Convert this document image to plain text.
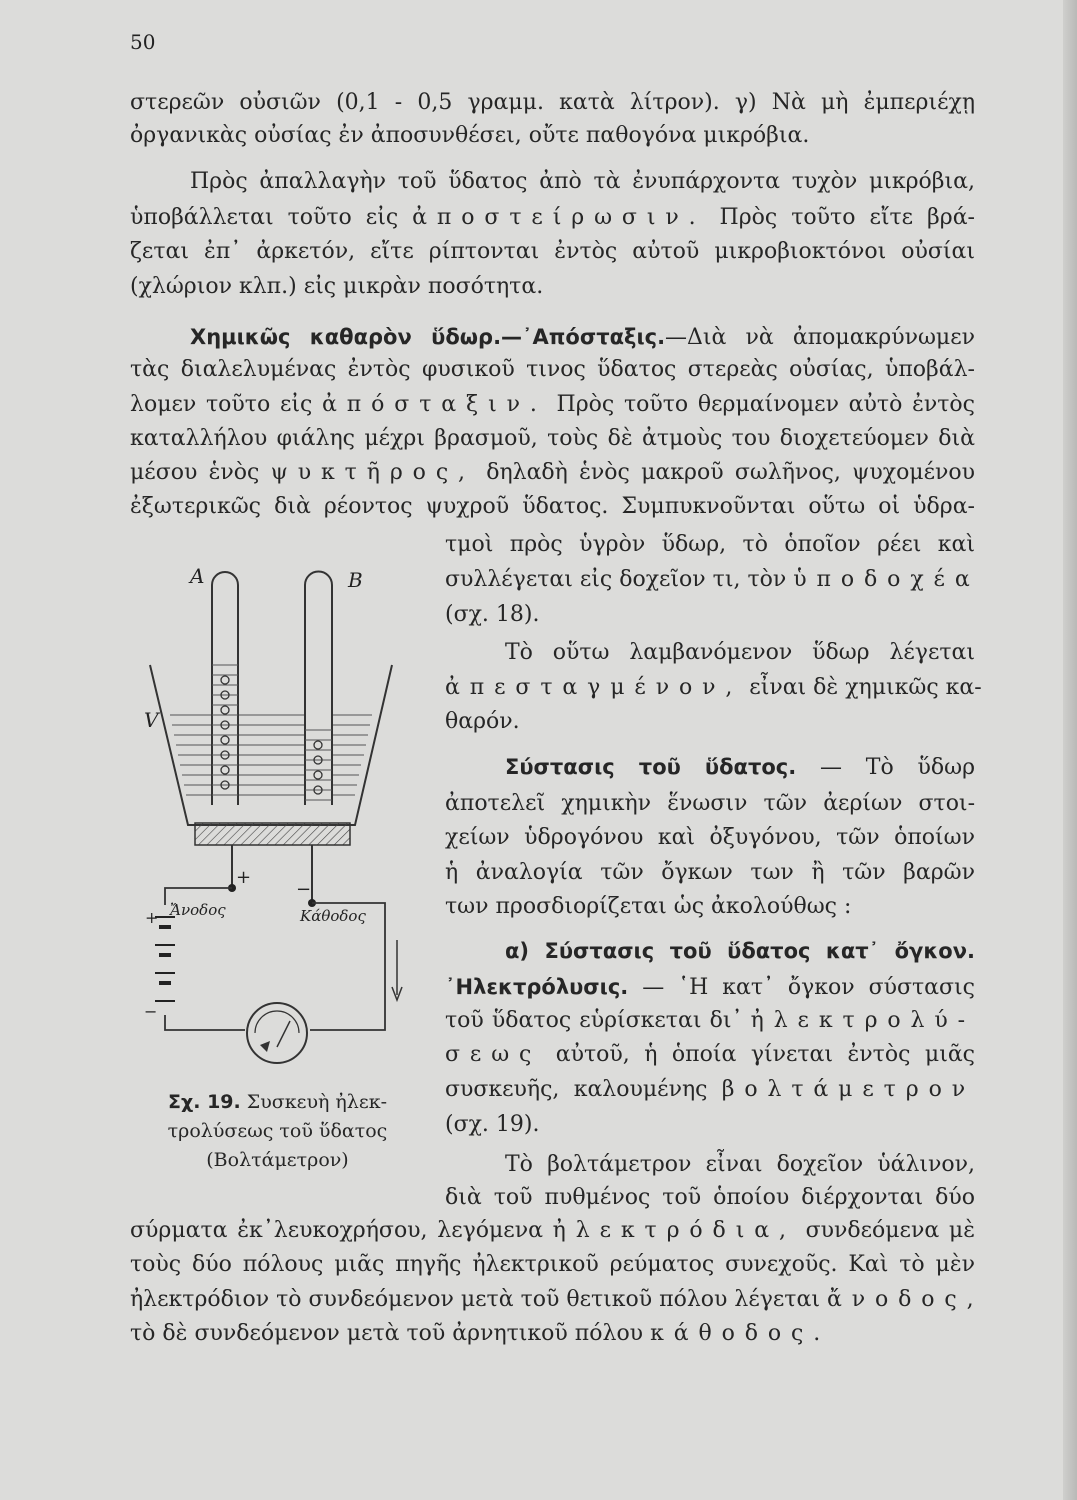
50
στερεῶν οὐσιῶν (0,1 - 0,5 γραμμ. κατὰ λίτρον). γ) Νὰ μὴ ἐμπεριέχῃ
ὀργανικὰς οὐσίας ἐν ἀποσυνθέσει, οὔτε παθογόνα μικρόβια.
Πρὸς ἀπαλλαγὴν τοῦ ὕδατος ἀπὸ τὰ ἐνυπάρχοντα τυχὸν μικρόβια,
ὑποβάλλεται τοῦτο εἰς ἀποστείρωσιν. Πρὸς τοῦτο εἴτε βρά-
ζεται ἐπ᾽ ἀρκετόν, εἴτε ρίπτονται ἐντὸς αὐτοῦ μικροβιοκτόνοι οὐσίαι
(χλώριον κλπ.) εἰς μικρὰν ποσότητα.
Χημικῶς καθαρὸν ὕδωρ.—᾽Απόσταξις.—Διὰ νὰ ἀπομακρύνωμεν
τὰς διαλελυμένας ἐντὸς φυσικοῦ τινος ὕδατος στερεὰς οὐσίας, ὑποβάλ-
λομεν τοῦτο εἰς ἀπόσταξιν. Πρὸς τοῦτο θερμαίνομεν αὐτὸ ἐντὸς
καταλλήλου φιάλης μέχρι βρασμοῦ, τοὺς δὲ ἀτμοὺς του διοχετεύομεν διὰ
μέσου ἑνὸς ψυκτῆρος, δηλαδὴ ἑνὸς μακροῦ σωλῆνος, ψυχομένου
ἐξωτερικῶς διὰ ρέοντος ψυχροῦ ὕδατος. Συμπυκνοῦνται οὕτω οἱ ὑδρα-
τμοὶ πρὸς ὑγρὸν ὕδωρ, τὸ ὁποῖον ρέει καὶ
συλλέγεται εἰς δοχεῖον τι, τὸν ὑποδοχέα
(σχ. 18).
Τὸ οὕτω λαμβανόμενον ὕδωρ λέγεται
ἀπεσταγμένον, εἶναι δὲ χημικῶς κα-
θαρόν.
Σύστασις τοῦ ὕδατος. — Τὸ ὕδωρ
ἀποτελεῖ χημικὴν ἕνωσιν τῶν ἀερίων στοι-
χείων ὑδρογόνου καὶ ὀξυγόνου, τῶν ὁποίων
ἡ ἀναλογία τῶν ὄγκων των ἢ τῶν βαρῶν
των προσδιορίζεται ὡς ἀκολούθως :
α) Σύστασις τοῦ ὕδατος κατ᾽ ὄγκον.
᾽Ηλεκτρόλυσις. — ῾Η κατ᾽ ὄγκον σύστασις
τοῦ ὕδατος εὑρίσκεται δι᾽ ἠλεκτρολύ-
σεως αὐτοῦ, ἡ ὁποία γίνεται ἐντὸς μιᾶς
συσκευῆς, καλουμένης βολτάμετρον
(σχ. 19).
Τὸ βολτάμετρον εἶναι δοχεῖον ὑάλινον,
διὰ τοῦ πυθμένος τοῦ ὁποίου διέρχονται δύο
σύρματα ἐκ᾽λευκοχρήσου, λεγόμενα ἠλεκτρόδια, συνδεόμενα μὲ
τοὺς δύο πόλους μιᾶς πηγῆς ἠλεκτρικοῦ ρεύματος συνεχοῦς. Καὶ τὸ μὲν
ἠλεκτρόδιον τὸ συνδεόμενον μετὰ τοῦ θετικοῦ πόλου λέγεται ἄνοδος,
τὸ δὲ συνδεόμενον μετὰ τοῦ ἀρνητικοῦ πόλου κάθοδος.
A	B
V
+
−
Ἄνοδος	Κάθοδος
+
−
Σχ. 19. Συσκευὴ ἠλεκ-
τρολύσεως τοῦ ὕδατος
(Βολτάμετρον)
